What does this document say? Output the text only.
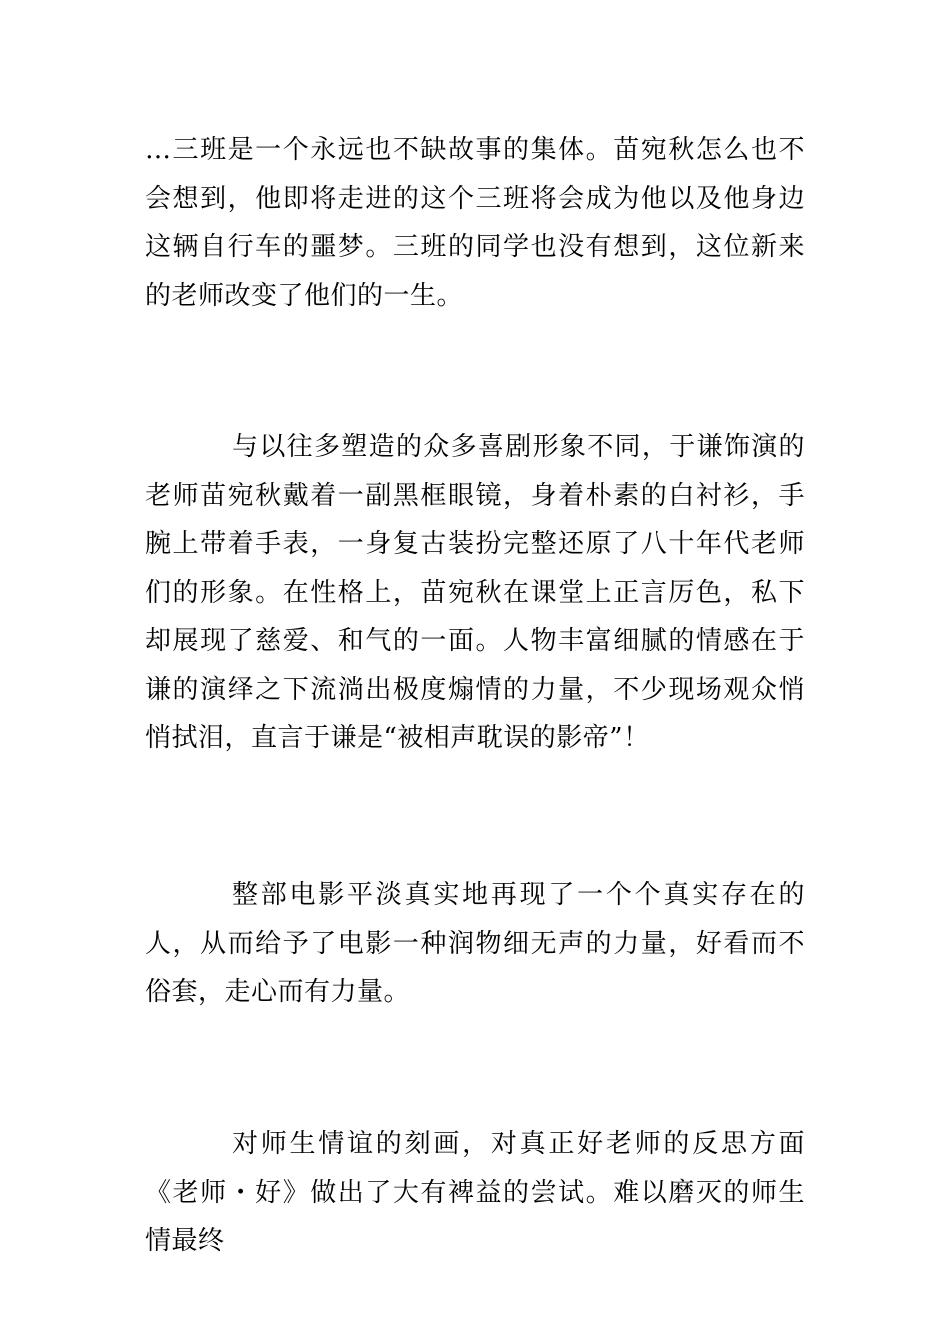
…三班是一个永远也不缺故事的集体。苗宛秋怎么也不会想到，他即将走进的这个三班将会成为他以及他身边这辆自行车的噩梦。三班的同学也没有想到，这位新来的老师改变了他们的一生。

与以往多塑造的众多喜剧形象不同，于谦饰演的老师苗宛秋戴着一副黑框眼镜，身着朴素的白衬衫，手腕上带着手表，一身复古装扮完整还原了八十年代老师们的形象。在性格上，苗宛秋在课堂上正言厉色，私下却展现了慈爱、和气的一面。人物丰富细腻的情感在于谦的演绎之下流淌出极度煽情的力量，不少现场观众悄悄拭泪，直言于谦是“被相声耽误的影帝”！

整部电影平淡真实地再现了一个个真实存在的人，从而给予了电影一种润物细无声的力量，好看而不俗套，走心而有力量。

对师生情谊的刻画，对真正好老师的反思方面《老师・好》做出了大有裨益的尝试。难以磨灭的师生情最终
